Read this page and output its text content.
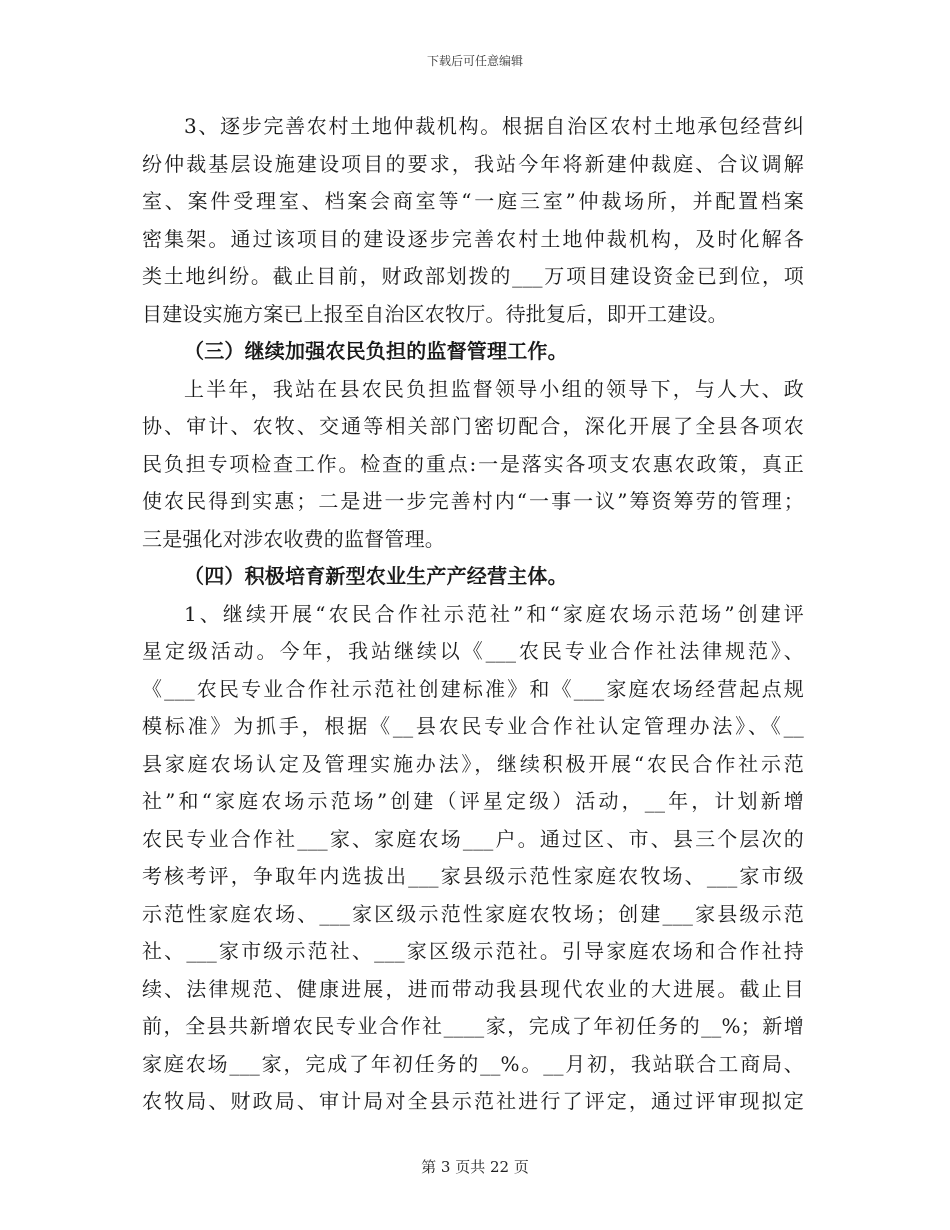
下载后可任意编辑
3、逐步完善农村土地仲裁机构。根据自治区农村土地承包经营纠
纷仲裁基层设施建设项目的要求，我站今年将新建仲裁庭、合议调解
室、案件受理室、档案会商室等“一庭三室”仲裁场所，并配置档案
密集架。通过该项目的建设逐步完善农村土地仲裁机构，及时化解各
类土地纠纷。截止目前，财政部划拨的___万项目建设资金已到位，项
目建设实施方案已上报至自治区农牧厅。待批复后，即开工建设。
（三）继续加强农民负担的监督管理工作。
上半年，我站在县农民负担监督领导小组的领导下，与人大、政
协、审计、农牧、交通等相关部门密切配合，深化开展了全县各项农
民负担专项检查工作。检查的重点:一是落实各项支农惠农政策，真正
使农民得到实惠；二是进一步完善村内“一事一议”筹资筹劳的管理；
三是强化对涉农收费的监督管理。
（四）积极培育新型农业生产产经营主体。
1、继续开展“农民合作社示范社”和“家庭农场示范场”创建评
星定级活动。今年，我站继续以《___农民专业合作社法律规范》、
《___农民专业合作社示范社创建标准》和《___家庭农场经营起点规
模标准》为抓手，根据《__县农民专业合作社认定管理办法》、《__
县家庭农场认定及管理实施办法》，继续积极开展“农民合作社示范
社”和“家庭农场示范场”创建（评星定级）活动，__年，计划新增
农民专业合作社___家、家庭农场___户。通过区、市、县三个层次的
考核考评，争取年内选拔出___家县级示范性家庭农牧场、___家市级
示范性家庭农场、___家区级示范性家庭农牧场；创建___家县级示范
社、___家市级示范社、___家区级示范社。引导家庭农场和合作社持
续、法律规范、健康进展，进而带动我县现代农业的大进展。截止目
前，全县共新增农民专业合作社____家，完成了年初任务的__%；新增
家庭农场___家，完成了年初任务的__%。__月初，我站联合工商局、
农牧局、财政局、审计局对全县示范社进行了评定，通过评审现拟定
第 3 页共 22 页
